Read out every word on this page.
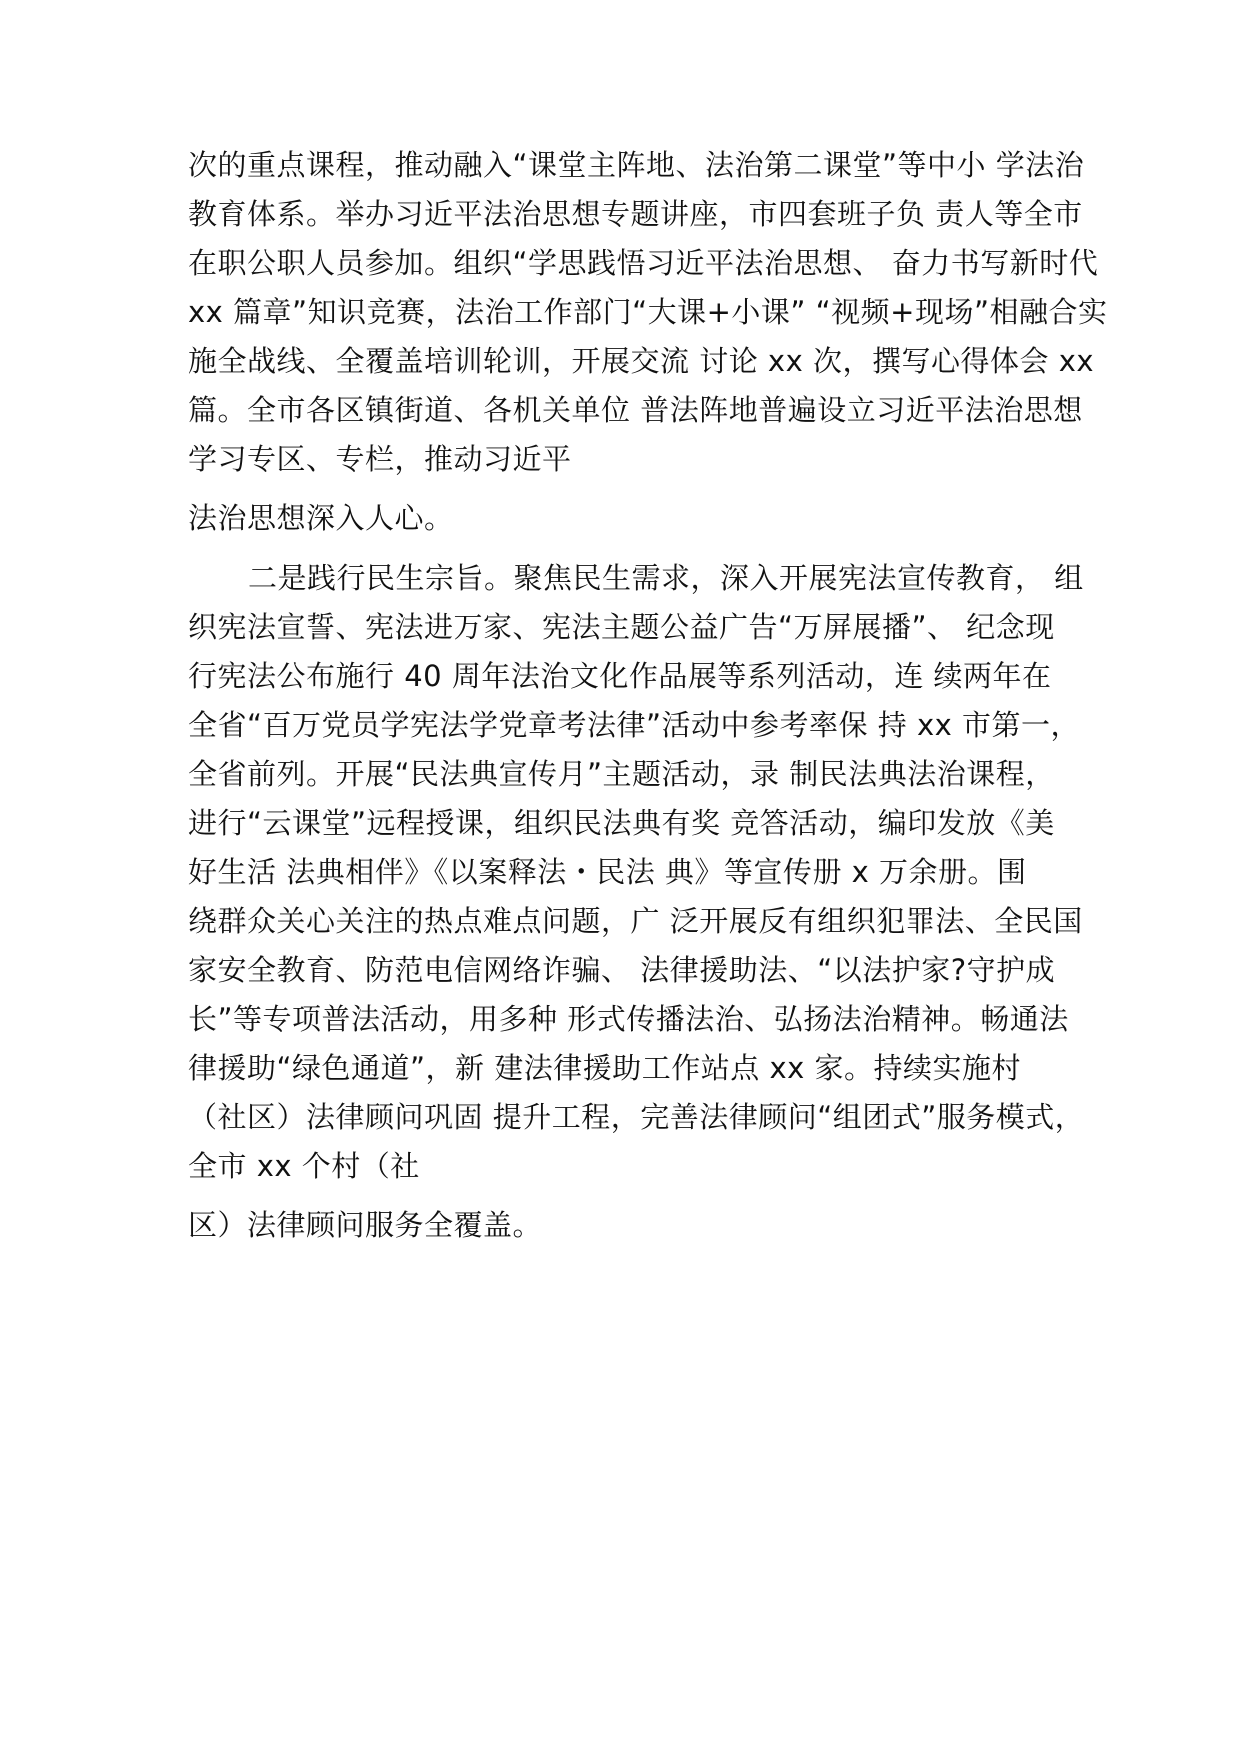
次的重点课程，推动融入“课堂主阵地、法治第二课堂”等中小 学法治

教育体系。举办习近平法治思想专题讲座，市四套班子负 责人等全市

在职公职人员参加。组织“学思践悟习近平法治思想、 奋力书写新时代

xx 篇章”知识竞赛，法治工作部门“大课+小课” “视频+现场”相融合实

施全战线、全覆盖培训轮训，开展交流 讨论 xx 次，撰写心得体会 xx

篇。全市各区镇街道、各机关单位 普法阵地普遍设立习近平法治思想

学习专区、专栏，推动习近平

法治思想深入人心。

二是践行民生宗旨。聚焦民生需求，深入开展宪法宣传教育， 组

织宪法宣誓、宪法进万家、宪法主题公益广告“万屏展播”、 纪念现

行宪法公布施行 40 周年法治文化作品展等系列活动，连 续两年在

全省“百万党员学宪法学党章考法律”活动中参考率保 持 xx 市第一，

全省前列。开展“民法典宣传月”主题活动，录 制民法典法治课程，

进行“云课堂”远程授课，组织民法典有奖 竞答活动，编印发放《美

好生活 法典相伴》《以案释法・民法 典》等宣传册 x 万余册。围

绕群众关心关注的热点难点问题，广 泛开展反有组织犯罪法、全民国

家安全教育、防范电信网络诈骗、 法律援助法、“以法护家?守护成

长”等专项普法活动，用多种 形式传播法治、弘扬法治精神。畅通法

律援助“绿色通道”，新 建法律援助工作站点 xx 家。持续实施村

（社区）法律顾问巩固 提升工程，完善法律顾问“组团式”服务模式，

全市 xx 个村（社

区）法律顾问服务全覆盖。
